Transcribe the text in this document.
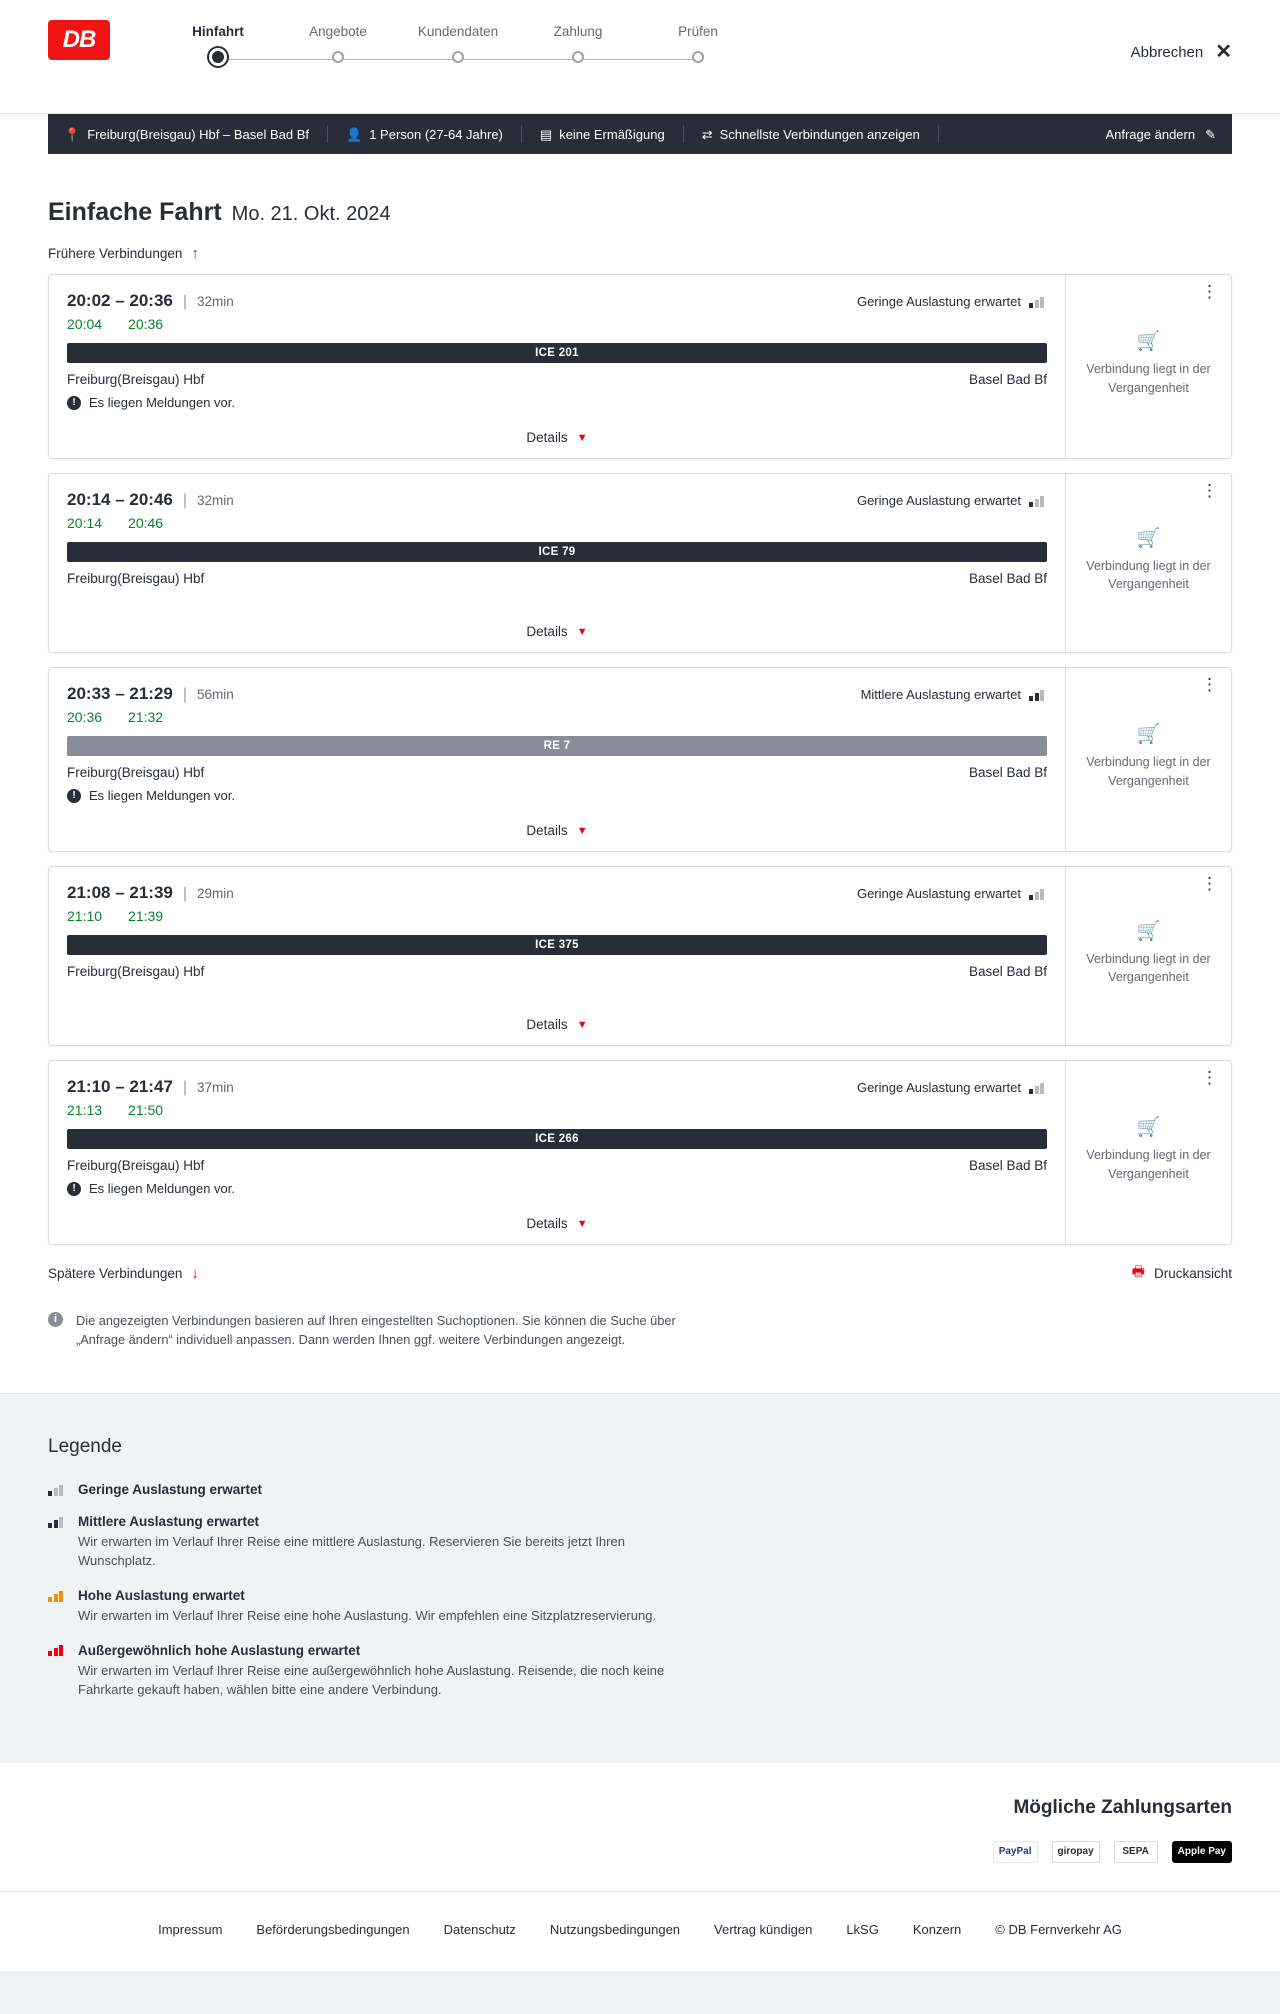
DB	Hinfahrt	Angebote	Kundendaten	Zahlung	Prüfen
Abbrechen ✕
📍 Freiburg(Breisgau) Hbf – Basel Bad Bf	👤 1 Person (27-64 Jahre)	▤ keine Ermäßigung	⇄ Schnellste Verbindungen anzeigen	Anfrage ändern ✎
Einfache Fahrt Mo. 21. Okt. 2024
Frühere Verbindungen ↑
20:02 – 20:36 | 32min	Geringe Auslastung erwartet
20:04 20:36
ICE 201
Freiburg(Breisgau) Hbf	Basel Bad Bf
!	Es liegen Meldungen vor.
Details ▼
⋮
🛒
Verbindung liegt in der Vergangenheit
20:14 – 20:46 | 32min	Geringe Auslastung erwartet
20:14 20:46
ICE 79
Freiburg(Breisgau) Hbf	Basel Bad Bf
Details ▼
⋮
🛒
Verbindung liegt in der Vergangenheit
20:33 – 21:29 | 56min	Mittlere Auslastung erwartet
20:36 21:32
RE 7
Freiburg(Breisgau) Hbf	Basel Bad Bf
!	Es liegen Meldungen vor.
Details ▼
⋮
🛒
Verbindung liegt in der Vergangenheit
21:08 – 21:39 | 29min	Geringe Auslastung erwartet
21:10 21:39
ICE 375
Freiburg(Breisgau) Hbf	Basel Bad Bf
Details ▼
⋮
🛒
Verbindung liegt in der Vergangenheit
21:10 – 21:47 | 37min	Geringe Auslastung erwartet
21:13 21:50
ICE 266
Freiburg(Breisgau) Hbf	Basel Bad Bf
!	Es liegen Meldungen vor.
Details ▼
⋮
🛒
Verbindung liegt in der Vergangenheit
Spätere Verbindungen ↓	🖶 Druckansicht
i	Die angezeigten Verbindungen basieren auf Ihren eingestellten Suchoptionen. Sie können die Suche über „Anfrage ändern“ individuell anpassen. Dann werden Ihnen ggf. weitere Verbindungen angezeigt.
Legende
Geringe Auslastung erwartet
Mittlere Auslastung erwartet
Wir erwarten im Verlauf Ihrer Reise eine mittlere Auslastung. Reservieren Sie bereits jetzt Ihren Wunschplatz.
Hohe Auslastung erwartet
Wir erwarten im Verlauf Ihrer Reise eine hohe Auslastung. Wir empfehlen eine Sitzplatzreservierung.
Außergewöhnlich hohe Auslastung erwartet
Wir erwarten im Verlauf Ihrer Reise eine außergewöhnlich hohe Auslastung. Reisende, die noch keine Fahrkarte gekauft haben, wählen bitte eine andere Verbindung.
Mögliche Zahlungsarten
PayPal	giropay	SEPA	Apple Pay
Impressum	Beförderungsbedingungen	Datenschutz	Nutzungsbedingungen	Vertrag kündigen	LkSG	Konzern	© DB Fernverkehr AG
